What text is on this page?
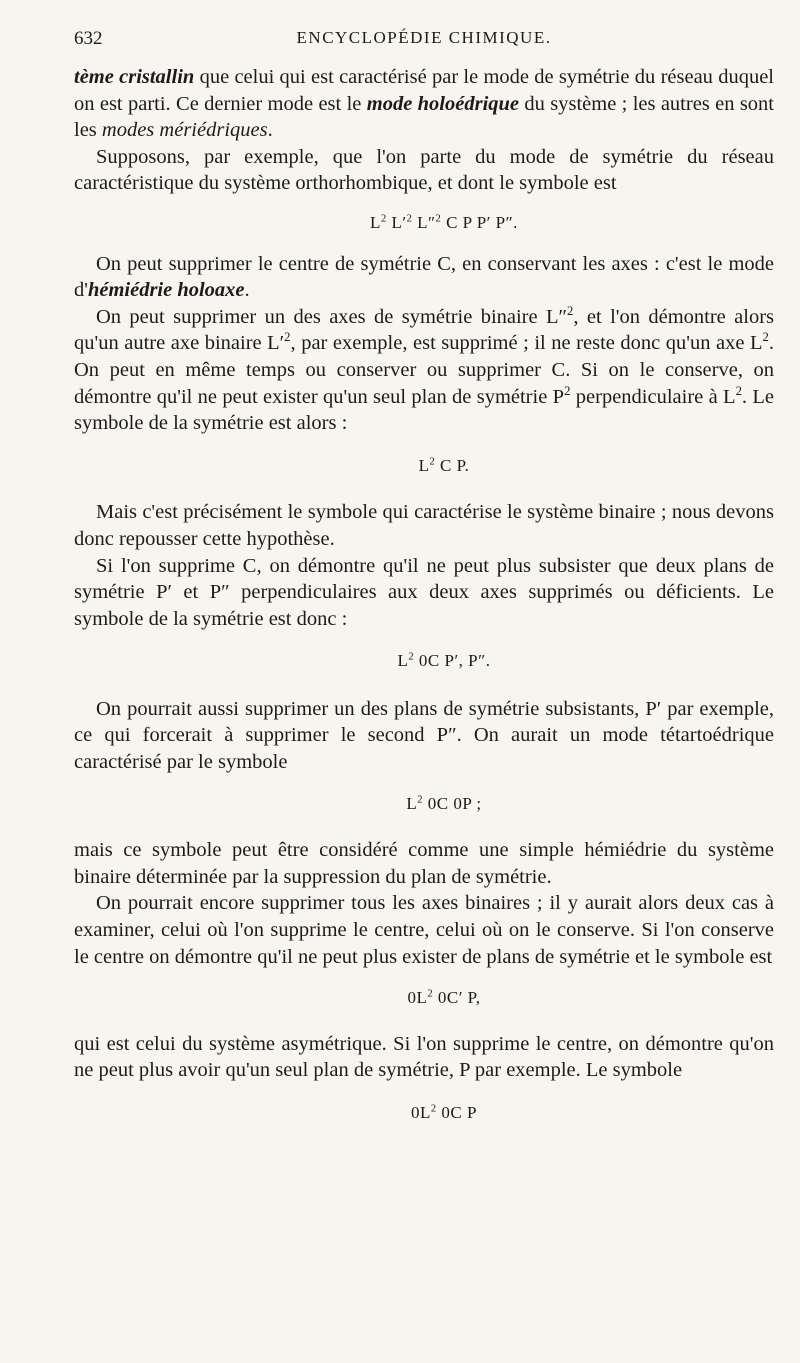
632	ENCYCLOPÉDIE CHIMIQUE.

tème cristallin que celui qui est caractérisé par le mode de symétrie du réseau duquel on est parti. Ce dernier mode est le mode holoédrique du système ; les autres en sont les modes mériédriques.

Supposons, par exemple, que l'on parte du mode de symétrie du réseau caractéristique du système orthorhombique, et dont le symbole est

$L^2$ $L'^2$ L″$^2$ C P P′ P″.

On peut supprimer le centre de symétrie C, en conservant les axes : c'est le mode d'hémiédrie holoaxe.

On peut supprimer un des axes de symétrie binaire L″$^2$, et l'on démontre alors qu'un autre axe binaire $L'^2$, par exemple, est supprimé ; il ne reste donc qu'un axe $L^2$. On peut en même temps ou conserver ou supprimer C. Si on le conserve, on démontre qu'il ne peut exister qu'un seul plan de symétrie $P^2$ perpendiculaire à $L^2$. Le symbole de la symétrie est alors :

$L^2$ C P.

Mais c'est précisément le symbole qui caractérise le système binaire ; nous devons donc repousser cette hypothèse.

Si l'on supprime C, on démontre qu'il ne peut plus subsister que deux plans de symétrie P′ et P″ perpendiculaires aux deux axes supprimés ou déficients. Le symbole de la symétrie est donc :

$L^2$ 0C P′, P″.

On pourrait aussi supprimer un des plans de symétrie subsistants, P′ par exemple, ce qui forcerait à supprimer le second P″. On aurait un mode tétartoédrique caractérisé par le symbole

$L^2$ 0C 0P ;

mais ce symbole peut être considéré comme une simple hémiédrie du système binaire déterminée par la suppression du plan de symétrie.

On pourrait encore supprimer tous les axes binaires ; il y aurait alors deux cas à examiner, celui où l'on supprime le centre, celui où on le conserve. Si l'on conserve le centre on démontre qu'il ne peut plus exister de plans de symétrie et le symbole est

$0L^2$ 0C′ P,

qui est celui du système asymétrique. Si l'on supprime le centre, on démontre qu'on ne peut plus avoir qu'un seul plan de symétrie, P par exemple. Le symbole

$0L^2$ 0C P
